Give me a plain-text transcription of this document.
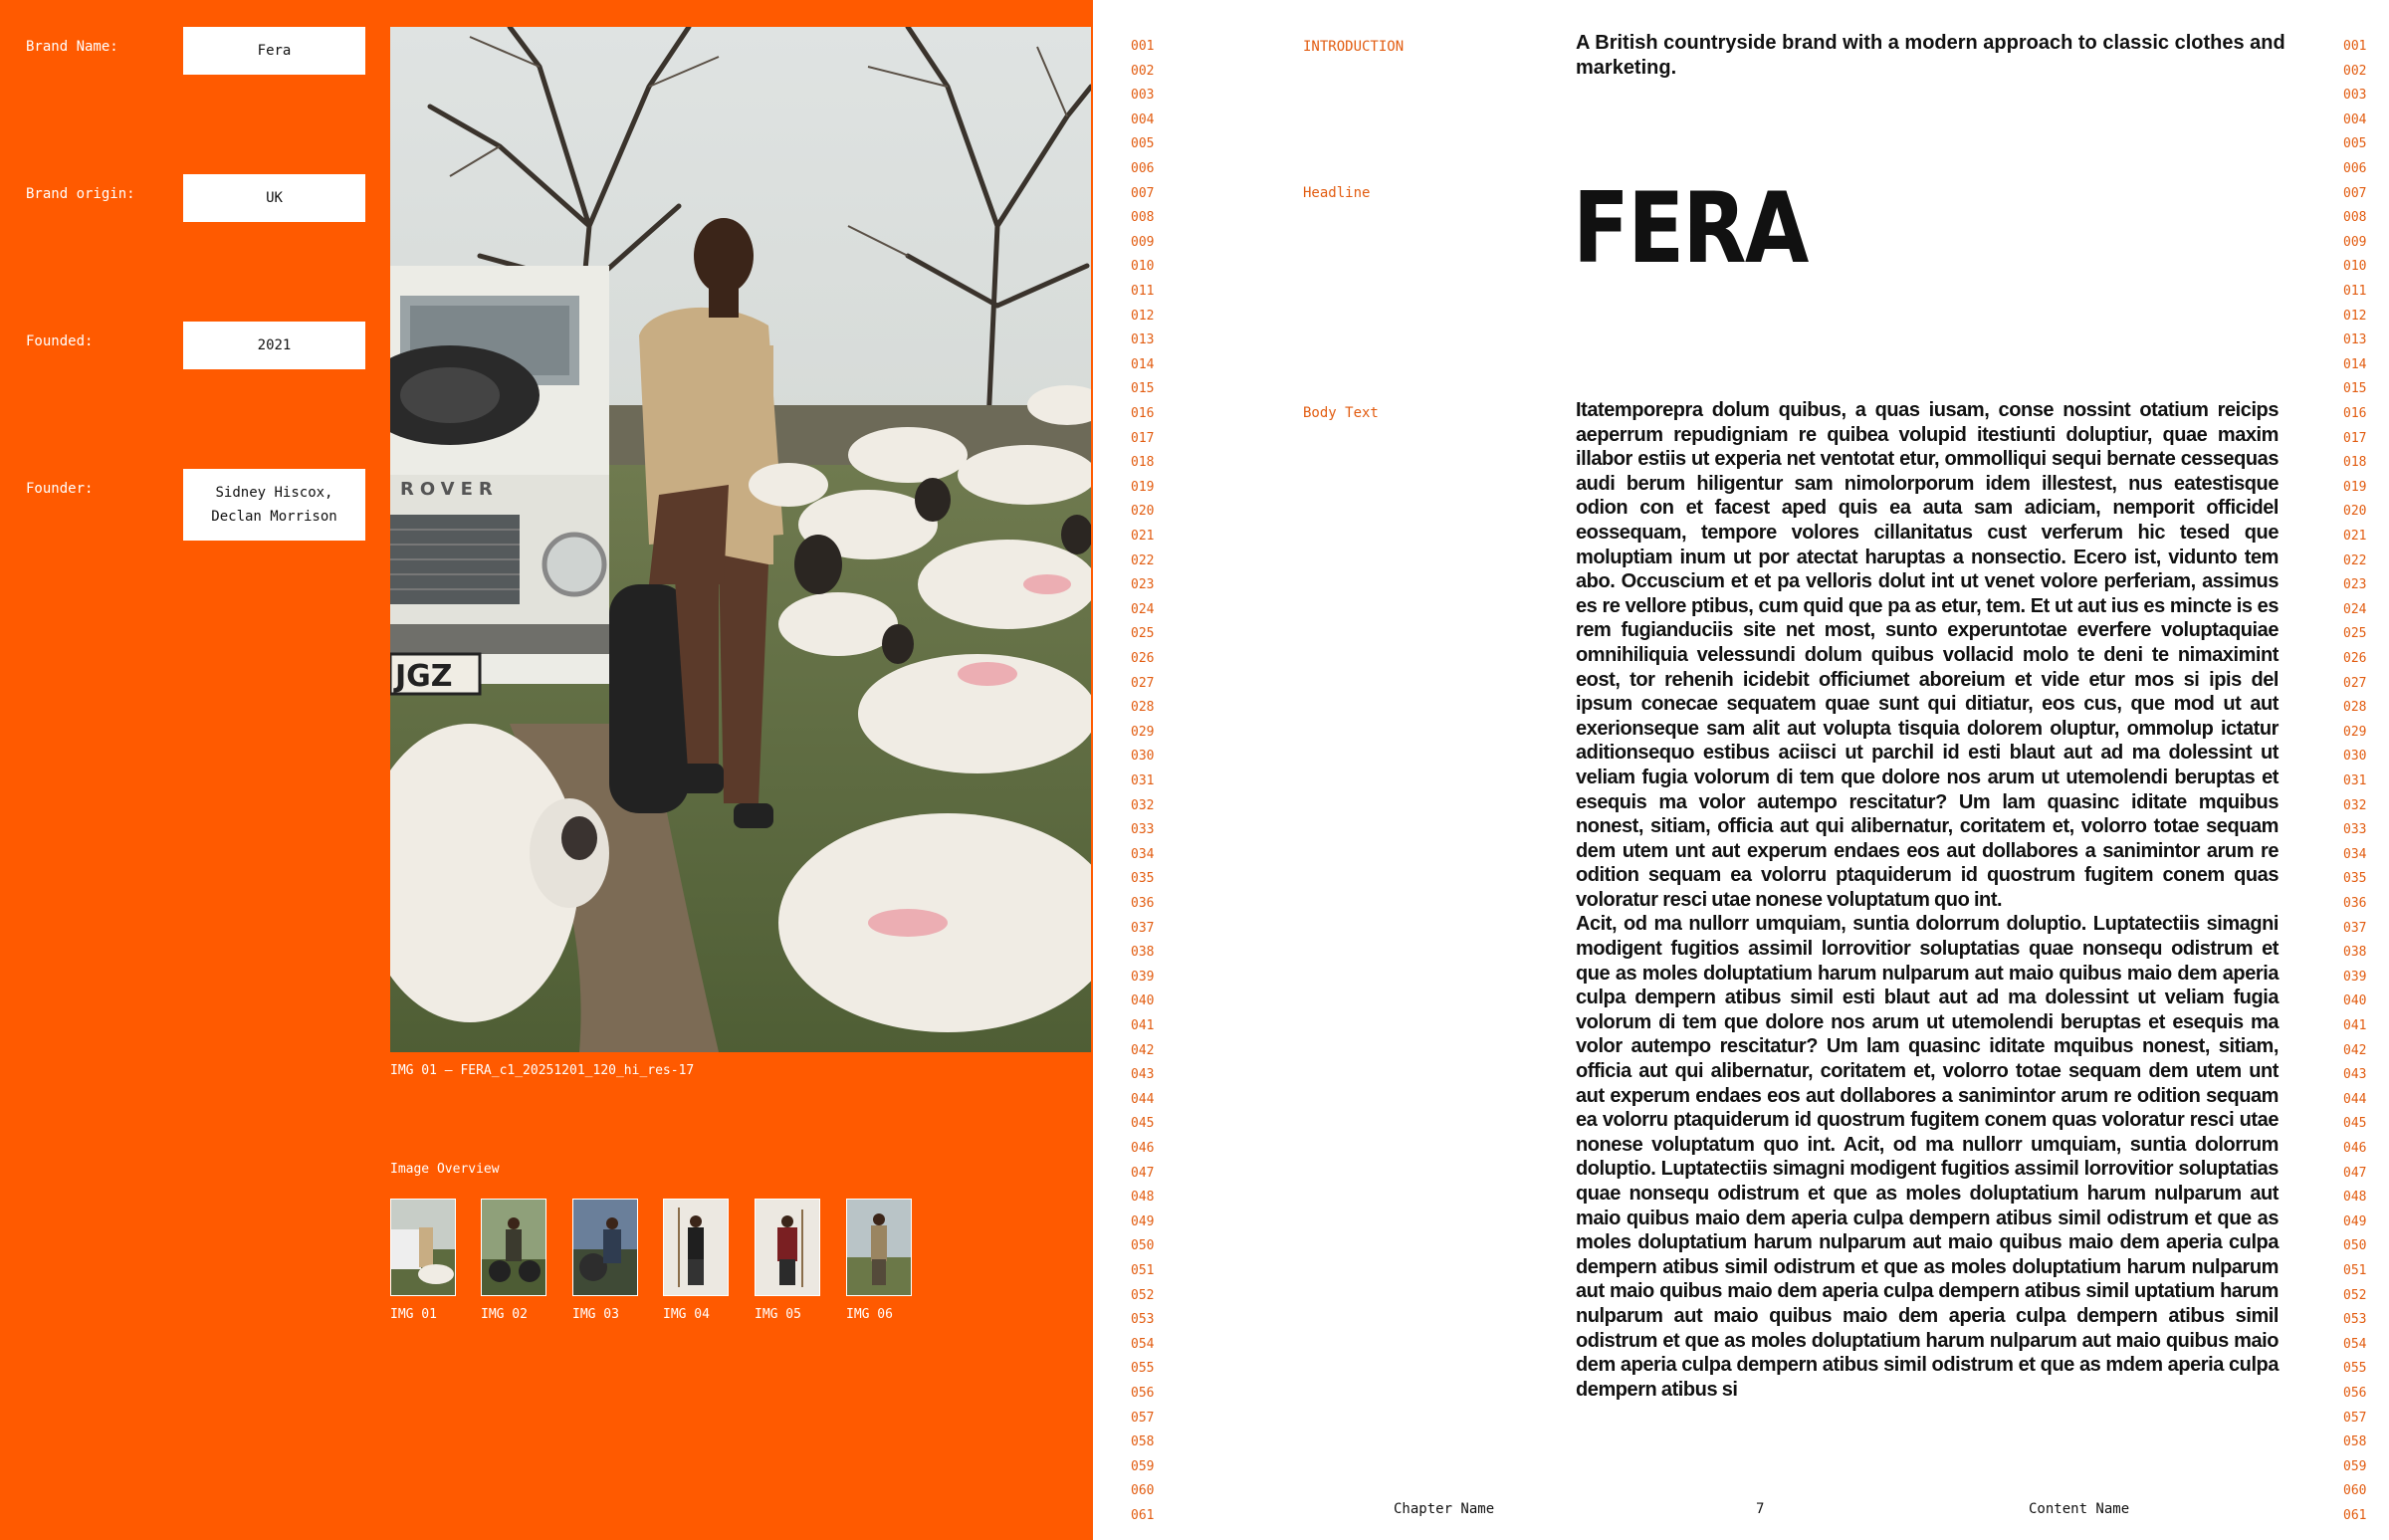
Brand Name:	Fera
Brand origin:	UK
Founded:	2021
Founder:	Sidney Hiscox,
Declan Morrison
ROVER
JGZ
IMG 01 – FERA_c1_20251201_120_hi_res-17
Image Overview
IMG 01	IMG 02	IMG 03	IMG 04	IMG 05	IMG 06
001
002
003
004
005
006
007
008
009
010
011
012
013
014
015
016
017
018
019
020
021
022
023
024
025
026
027
028
029
030
031
032
033
034
035
036
037
038
039
040
041
042
043
044
045
046
047
048
049
050
051
052
053
054
055
056
057
058
059
060
061
001
002
003
004
005
006
007
008
009
010
011
012
013
014
015
016
017
018
019
020
021
022
023
024
025
026
027
028
029
030
031
032
033
034
035
036
037
038
039
040
041
042
043
044
045
046
047
048
049
050
051
052
053
054
055
056
057
058
059
060
061
INTRODUCTION	A British countryside brand with a modern approach to classic clothes and marketing.
Headline FERA
Body Text	Itatemporepra dolum quibus, a quas iusam, conse nossint otatium reicips aeperrum repudigniam re quibea volupid itestiunti doluptiur, quae maxim illabor estiis ut experia net ventotat etur, ommolliqui sequi bernate cessequas audi berum hiligentur sam nimolorporum idem illestest, nus eatestisque odion con et facest aped quis ea auta sam adiciam, nemporit officidel eossequam, tempore volores cillanitatus cust verferum hic tesed que moluptiam inum ut por atectat haruptas a nonsectio. Ecero ist, vidunto tem abo. Occuscium et et pa velloris dolut int ut venet volore perferiam, assimus es re vellore ptibus, cum quid que pa as etur, tem. Et ut aut ius es mincte is es rem fugianduciis site net most, sunto experuntotae everfere voluptaquiae omnihiliquia velessundi dolum quibus vollacid molo te deni te nimaximint eost, tor rehenih icidebit officiumet aboreium et vide etur mos si ipis del ipsum conecae sequatem quae sunt qui ditiatur, eos cus, que mod ut aut exerionseque sam alit aut volupta tisquia dolorem oluptur, ommolup ictatur aditionsequo estibus aciisci ut parchil id esti blaut aut ad ma dolessint ut veliam fugia volorum di tem que dolore nos arum ut utemolendi beruptas et esequis ma volor autempo rescitatur? Um lam quasinc iditate mquibus nonest, sitiam, officia aut qui alibernatur, coritatem et, volorro totae sequam dem utem unt aut experum endaes eos aut dollabores a sanimintor arum re odition sequam ea volorru ptaquiderum id quostrum fugitem conem quas voloratur resci utae nonese voluptatum quo int.
Acit, od ma nullorr umquiam, suntia dolorrum doluptio. Luptatectiis simagni modigent fugitios assimil lorrovitior soluptatias quae nonsequ odistrum et que as moles doluptatium harum nulparum aut maio quibus maio dem aperia culpa dempern atibus simil esti blaut aut ad ma dolessint ut veliam fugia volorum di tem que dolore nos arum ut utemolendi beruptas et esequis ma volor autempo rescitatur? Um lam quasinc iditate mquibus nonest, sitiam, officia aut qui alibernatur, coritatem et, volorro totae sequam dem utem unt aut experum endaes eos aut dollabores a sanimintor arum re odition sequam ea volorru ptaquiderum id quostrum fugitem conem quas voloratur resci utae nonese voluptatum quo int. Acit, od ma nullorr umquiam, suntia dolorrum doluptio. Luptatectiis simagni modigent fugitios assimil lorrovitior soluptatias quae nonsequ odistrum et que as moles doluptatium harum nulparum aut maio quibus maio dem aperia culpa dempern atibus simil odistrum et que as moles doluptatium harum nulparum aut maio quibus maio dem aperia culpa dempern atibus simil odistrum et que as moles doluptatium harum nulparum aut maio quibus maio dem aperia culpa dempern atibus simil uptatium harum nulparum aut maio quibus maio dem aperia culpa dempern atibus simil odistrum et que as moles doluptatium harum nulparum aut maio quibus maio dem aperia culpa dempern atibus simil odistrum et que as mdem aperia culpa dempern atibus si
Chapter Name	7	Content Name
